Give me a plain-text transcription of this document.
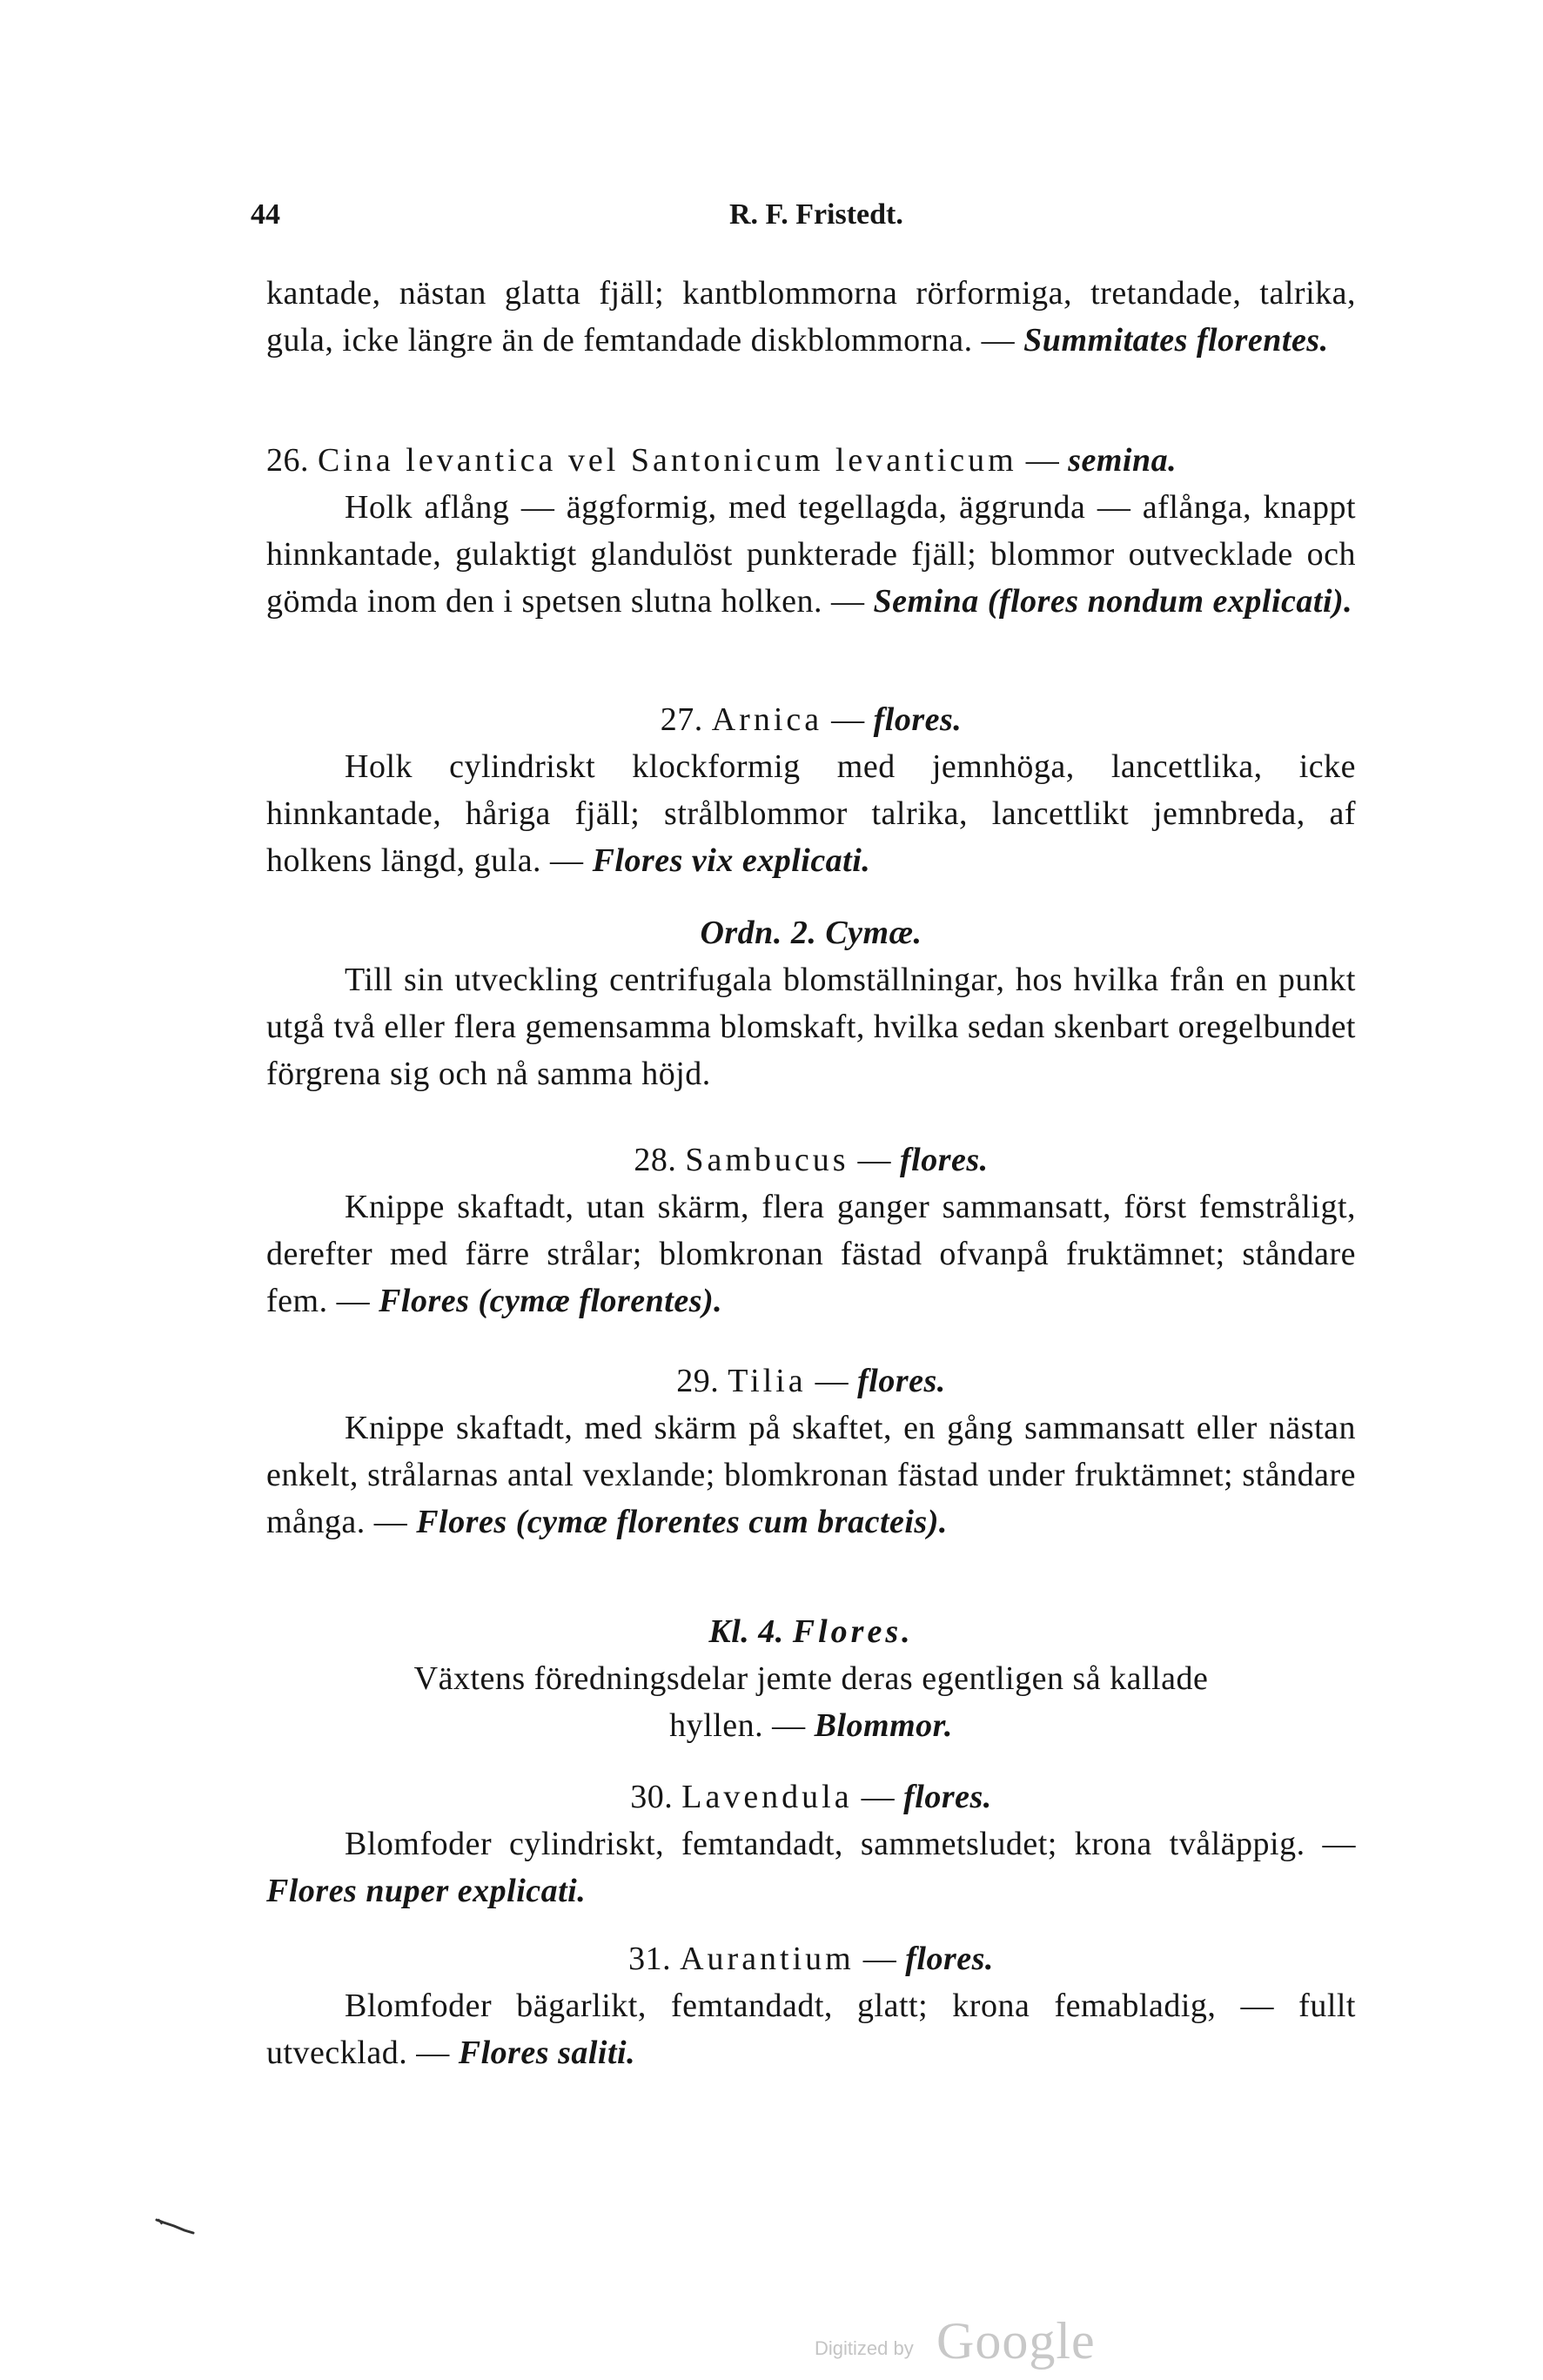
44	R. F. Fristedt.

kantade, nästan glatta fjäll; kantblommorna rörformiga, tretandade, talrika, gula, icke längre än de femtandade diskblommorna. — Summitates florentes.

26. Cina levantica vel Santonicum levanticum — semina.

Holk aflång — äggformig, med tegellagda, äggrunda — aflånga, knappt hinnkantade, gulaktigt glandulöst punkterade fjäll; blommor outvecklade och gömda inom den i spetsen slutna holken. — Semina (flores nondum explicati).

27. Arnica — flores.

Holk cylindriskt klockformig med jemnhöga, lancettlika, icke hinnkantade, håriga fjäll; strålblommor talrika, lancettlikt jemnbreda, af holkens längd, gula. — Flores vix explicati.

Ordn. 2. Cymæ.

Till sin utveckling centrifugala blomställningar, hos hvilka från en punkt utgå två eller flera gemensamma blomskaft, hvilka sedan skenbart oregelbundet förgrena sig och nå samma höjd.

28. Sambucus — flores.

Knippe skaftadt, utan skärm, flera ganger sammansatt, först femstråligt, derefter med färre strålar; blomkronan fästad ofvanpå fruktämnet; ståndare fem. — Flores (cymæ florentes).

29. Tilia — flores.

Knippe skaftadt, med skärm på skaftet, en gång sammansatt eller nästan enkelt, strålarnas antal vexlande; blomkronan fästad under fruktämnet; ståndare många. — Flores (cymæ florentes cum bracteis).

Kl. 4. Flores.

Växtens föredningsdelar jemte deras egentligen så kallade

hyllen. — Blommor.

30. Lavendula — flores.

Blomfoder cylindriskt, femtandadt, sammetsludet; krona tvåläppig. — Flores nuper explicati.

31. Aurantium — flores.

Blomfoder bägarlikt, femtandadt, glatt; krona femabladig, — fullt utvecklad. — Flores saliti.

Digitized by Google
